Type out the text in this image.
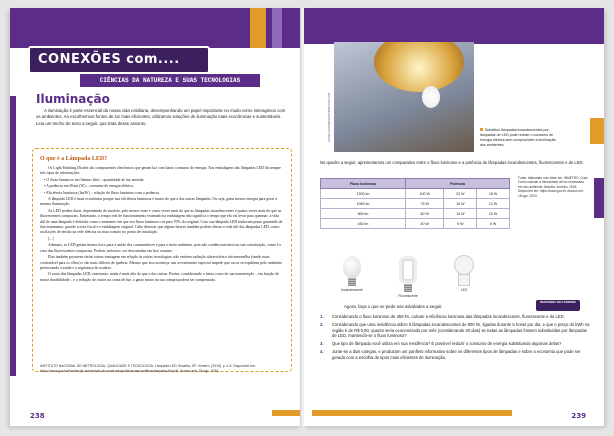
CONEXÕES com....
CIÊNCIAS DA NATUREZA E SUAS TECNOLOGIAS
Iluminação

A iluminação é parte essencial da nossa vida cotidiana, desempenhando um papel importante no modo como interagimos com os ambientes. Ao escolhermos fontes de luz mais eficientes, utilizamos soluções de iluminação mais econômicas e sustentáveis. Leia um trecho do texto a seguir, que trata desse assunto.

O que é a Lâmpada LED?

Os Light Emitting Diodes são componentes eletrônicos que geram luz com baixo consumo de energia. Nas embalagens das lâmpadas LED há sempre três tipos de informações:

• O fluxo luminoso em lúmens (lm) – quantidade de luz emitida.

• A potência em Watts (W) – consumo de energia elétrica.

• Eficiência luminosa (lm/W) – relação do fluxo luminoso com a potência.

A lâmpada LED é mais econômica porque sua eficiência luminosa é maior do que a das outras lâmpadas. Ou seja, gasta menos energia para gerar a mesma iluminação.

As LED podem durar, dependendo do modelo, pelo menos vinte e cinco vezes mais do que as lâmpadas incandescentes e quatro vezes mais do que as fluorescentes compactas. Entretanto, o tempo real de funcionamento estimado na embalagem não significa o tempo que ela vai levar para queimar: a vida útil de uma lâmpada é definida como o momento em que seu fluxo luminoso cai para 70% do original. Caso sua lâmpada LED tenha um prazo garantido de funcionamento, guarde a nota fiscal e a embalagem original. Cabe destacar que alguns fatores também podem alterar a vida útil das lâmpadas LED, como oscilações de tensão na rede elétrica ou mau contato no ponto de instalação.

[...]

Ademais, as LED geram menor risco para a saúde dos consumidores e para o meio ambiente, pois não contêm mercúrio na sua constituição, como é o caso das fluorescentes compactas. Podem, inclusive, ser descartadas em lixo comum.

Elas também possuem várias outras vantagens em relação às outras tecnologias: não emitem radiação ultravioleta e infravermelha (sendo mais confortável para os olhos) e são mais difíceis de quebrar. Mesmo que isso aconteça, um revestimento especial impede que cacos se espalhem pelo ambiente preservando a saúde e a segurança do usuário.

O custo das lâmpadas LED, entretanto, ainda é mais alto do que o das outras. Porém, considerando o baixo custo de sua manutenção – em função de maior durabilidade – e a redução de custos na conta de luz, o gasto maior na sua compra poderá ser compensado.

INSTITUTO NACIONAL DE METROLOGIA, QUALIDADE E TECNOLOGIA. Lâmpada LED. Brasília, DF: Inmetro, [2015]. p. 4-5. Disponível em: https://www.gov.br/inmetro/pt-br/centrais-de-conteudo/publicacoes/cartilhas/lampada-led.pdf. Acesso em: 18 ago. 2024.
238
ANGELA ROHDE/SHUTTERSTOCK.COM	Substituir lâmpadas incandescentes por lâmpadas de LED pode reduzir o consumo de energia elétrica sem comprometer a iluminação dos ambientes.

No quadro a seguir, apresentamos um comparativo entre o fluxo luminoso e a potência de lâmpadas incandescentes, fluorescentes e de LED.

Fluxo luminoso	Potência		
1500 lm	100 W	23 W	18 W
1050 lm	75 W	19 W	13 W
800 lm	60 W	14 W	10 W
450 lm	40 W	9 W	6 W
Fonte: elaborado com base em: INMETRO. Guia: Como calcular a intensidade de luz necessária em seu ambiente. Brasília: Inmetro, 2018. Disponível em: https://www.gov.br. Acesso em: 18 ago. 2024.
Incandescente
Fluorescente
LED
Agora, faça o que se pede nas atividades a seguir.
RESPONDA NO CADERNO
1. Considerando o fluxo luminoso de 450 lm, calcule a eficiência luminosa das lâmpadas incandescente, fluorescente e da LED.
2. Considerando que uma residência utilize 5 lâmpadas incandescentes de 800 lm, ligadas durante 5 horas por dia, e que o preço do kWh na região é de R$ 0,80, quanto seria economizado por mês (considerando 30 dias) se todas as lâmpadas fossem substituídas por lâmpadas de LED, mantendo-se o fluxo luminoso?
3. Que tipo de lâmpada você utiliza em sua residência? É possível reduzir o consumo de energia substituindo algumas delas?
4. Junte-se a dois colegas, e produzam um panfleto informativo sobre os diferentes tipos de lâmpadas e sobre a economia que pode ser gerada com a escolha de tipos mais eficientes de iluminação.
239
